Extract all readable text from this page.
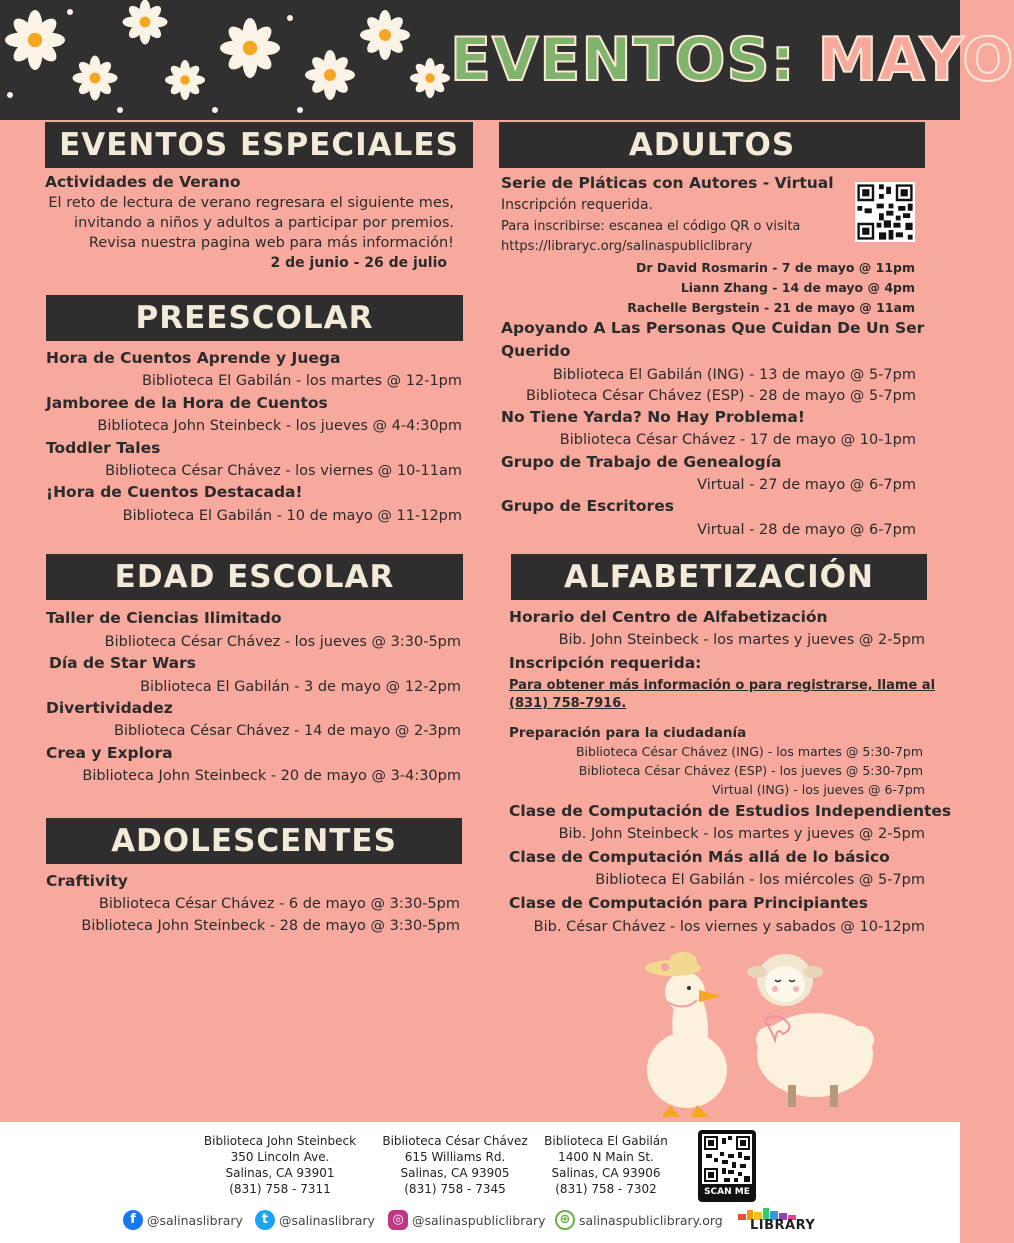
EVENTOS: MAYO
EVENTOS ESPECIALES
Actividades de Verano
El reto de lectura de verano regresara el siguiente mes,
invitando a niños y adultos a participar por premios.
Revisa nuestra pagina web para más información!
2 de junio - 26 de julio
PREESCOLAR
Hora de Cuentos Aprende y Juega
Biblioteca El Gabilán - los martes @ 12-1pm
Jamboree de la Hora de Cuentos
Biblioteca John Steinbeck - los jueves @ 4-4:30pm
Toddler Tales
Biblioteca César Chávez - los viernes @ 10-11am
¡Hora de Cuentos Destacada!
Biblioteca El Gabilán - 10 de mayo @ 11-12pm
EDAD ESCOLAR
Taller de Ciencias Ilimitado
Biblioteca César Chávez - los jueves @ 3:30-5pm
Día de Star Wars
Biblioteca El Gabilán - 3 de mayo @ 12-2pm
Divertividadez
Biblioteca César Chávez - 14 de mayo @ 2-3pm
Crea y Explora
Biblioteca John Steinbeck - 20 de mayo @ 3-4:30pm
ADOLESCENTES
Craftivity
Biblioteca César Chávez - 6 de mayo @ 3:30-5pm
Biblioteca John Steinbeck - 28 de mayo @ 3:30-5pm
ADULTOS
Serie de Pláticas con Autores - Virtual
Inscripción requerida.
Para inscribirse: escanea el código QR o visita
https://libraryc.org/salinaspubliclibrary
Dr David Rosmarin - 7 de mayo @ 11pm
Liann Zhang - 14 de mayo @ 4pm
Rachelle Bergstein - 21 de mayo @ 11am
Apoyando A Las Personas Que Cuidan De Un Ser
Querido
Biblioteca El Gabilán (ING) - 13 de mayo @ 5-7pm
Biblioteca César Chávez (ESP) - 28 de mayo @ 5-7pm
No Tiene Yarda? No Hay Problema!
Biblioteca César Chávez - 17 de mayo @ 10-1pm
Grupo de Trabajo de Genealogía
Virtual - 27 de mayo @ 6-7pm
Grupo de Escritores
Virtual - 28 de mayo @ 6-7pm
ALFABETIZACIÓN
Horario del Centro de Alfabetización
Bib. John Steinbeck - los martes y jueves @ 2-5pm
Inscripción requerida:
Para obtener más información o para registrarse, llame al
(831) 758-7916.
Preparación para la ciudadanía
Biblioteca César Chávez (ING) - los martes @ 5:30-7pm
Biblioteca César Chávez (ESP) - los jueves @ 5:30-7pm
Virtual (ING) - los jueves @ 6-7pm
Clase de Computación de Estudios Independientes
Bib. John Steinbeck - los martes y jueves @ 2-5pm
Clase de Computación Más allá de lo básico
Biblioteca El Gabilán - los miércoles @ 5-7pm
Clase de Computación para Principiantes
Bib. César Chávez - los viernes y sabados @ 10-12pm
Biblioteca John Steinbeck
350 Lincoln Ave.
Salinas, CA 93901
(831) 758 - 7311
Biblioteca César Chávez
615 Williams Rd.
Salinas, CA 93905
(831) 758 - 7345
Biblioteca El Gabilán
1400 N Main St.
Salinas, CA 93906
(831) 758 - 7302	SCAN ME
f @salinaslibrary	t @salinaslibrary	◎ @salinaspubliclibrary	⊕ salinaspubliclibrary.org LIBRARY
